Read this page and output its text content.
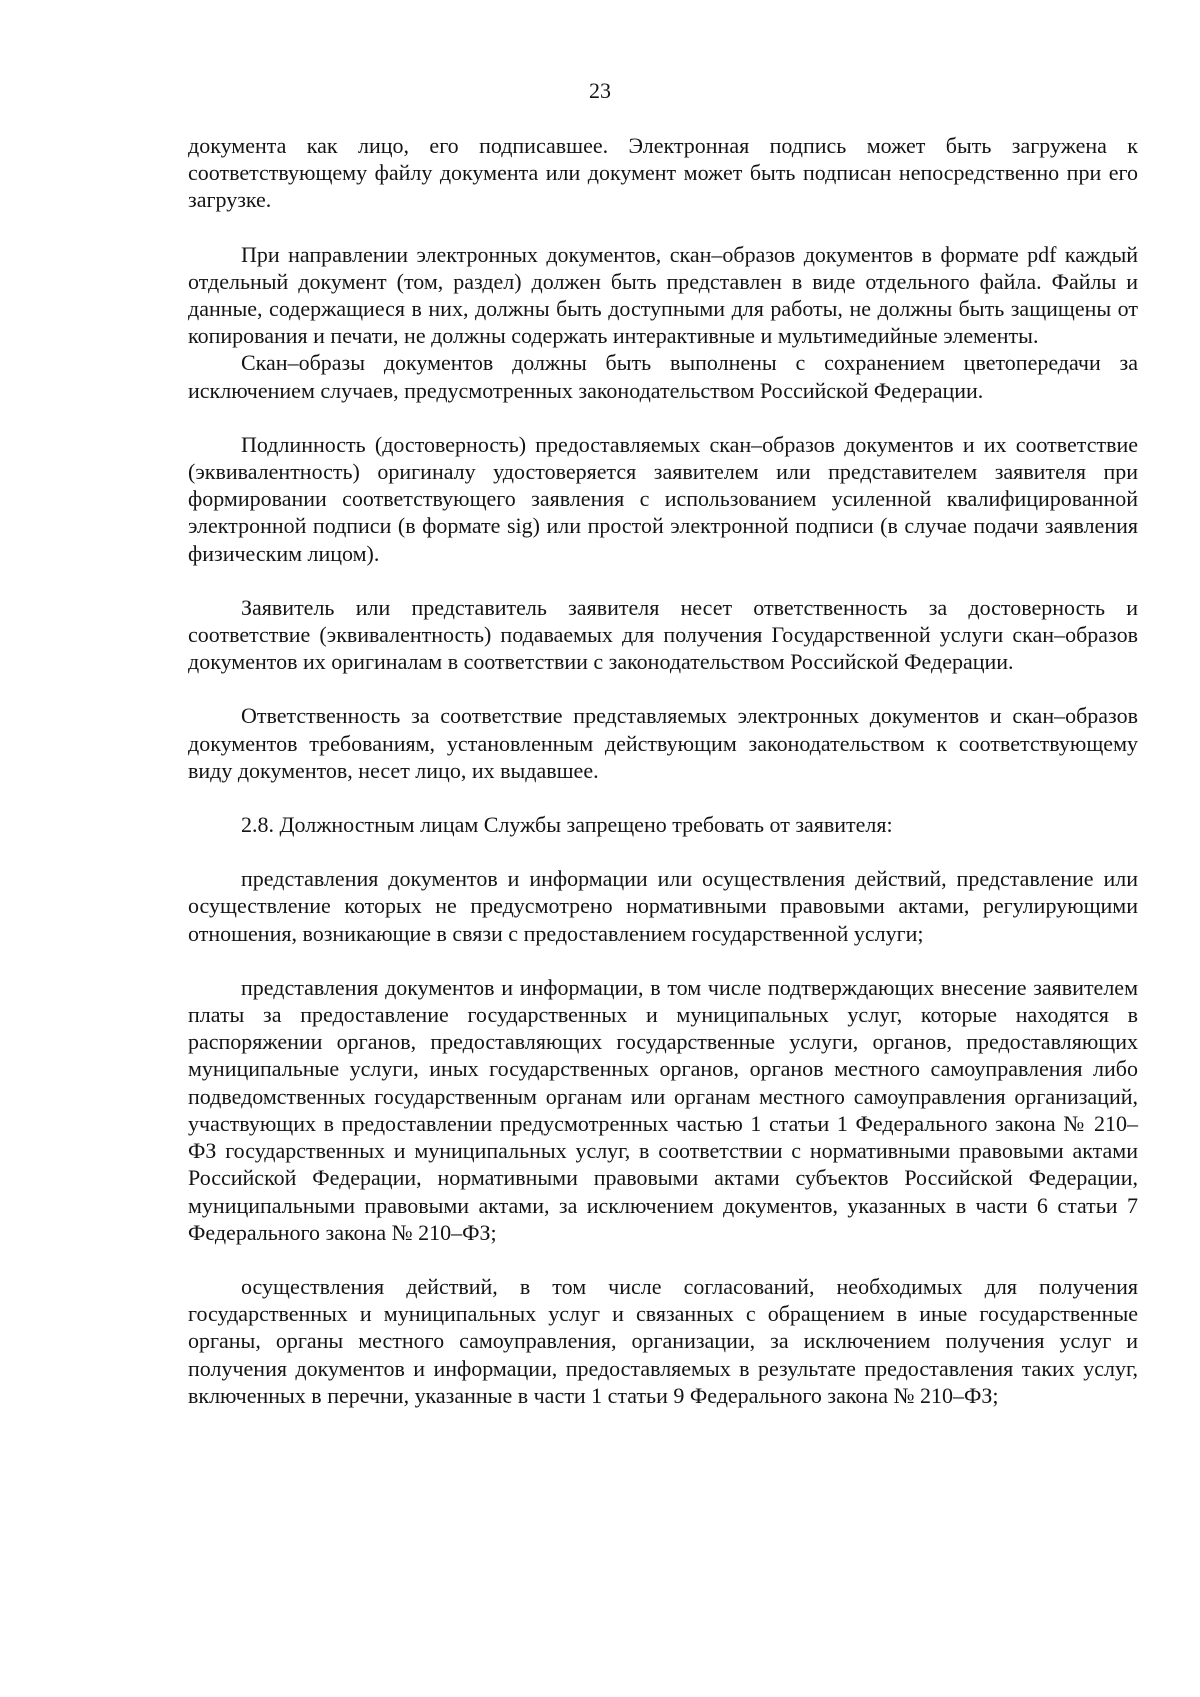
23

документа как лицо, его подписавшее. Электронная подпись может быть загружена к соответствующему файлу документа или документ может быть подписан непосредственно при его загрузке.

При направлении электронных документов, скан–образов документов в формате pdf каждый отдельный документ (том, раздел) должен быть представлен в виде отдельного файла. Файлы и данные, содержащиеся в них, должны быть доступными для работы, не должны быть защищены от копирования и печати, не должны содержать интерактивные и мультимедийные элементы.

Скан–образы документов должны быть выполнены с сохранением цветопередачи за исключением случаев, предусмотренных законодательством Российской Федерации.

Подлинность (достоверность) предоставляемых скан–образов документов и их соответствие (эквивалентность) оригиналу удостоверяется заявителем или представителем заявителя при формировании соответствующего заявления с использованием усиленной квалифицированной электронной подписи (в формате sig) или простой электронной подписи (в случае подачи заявления физическим лицом).

Заявитель или представитель заявителя несет ответственность за достоверность и соответствие (эквивалентность) подаваемых для получения Государственной услуги скан–образов документов их оригиналам в соответствии с законодательством Российской Федерации.

Ответственность за соответствие представляемых электронных документов и скан–образов документов требованиям, установленным действующим законодательством к соответствующему виду документов, несет лицо, их выдавшее.

2.8. Должностным лицам Службы запрещено требовать от заявителя:

представления документов и информации или осуществления действий, представление или осуществление которых не предусмотрено нормативными правовыми актами, регулирующими отношения, возникающие в связи с предоставлением государственной услуги;

представления документов и информации, в том числе подтверждающих внесение заявителем платы за предоставление государственных и муниципальных услуг, которые находятся в распоряжении органов, предоставляющих государственные услуги, органов, предоставляющих муниципальные услуги, иных государственных органов, органов местного самоуправления либо подведомственных государственным органам или органам местного самоуправления организаций, участвующих в предоставлении предусмотренных частью 1 статьи 1 Федерального закона № 210–ФЗ государственных и муниципальных услуг, в соответствии с нормативными правовыми актами Российской Федерации, нормативными правовыми актами субъектов Российской Федерации, муниципальными правовыми актами, за исключением документов, указанных в части 6 статьи 7 Федерального закона № 210–ФЗ;

осуществления действий, в том числе согласований, необходимых для получения государственных и муниципальных услуг и связанных с обращением в иные государственные органы, органы местного самоуправления, организации, за исключением получения услуг и получения документов и информации, предоставляемых в результате предоставления таких услуг, включенных в перечни, указанные в части 1 статьи 9 Федерального закона № 210–ФЗ;
